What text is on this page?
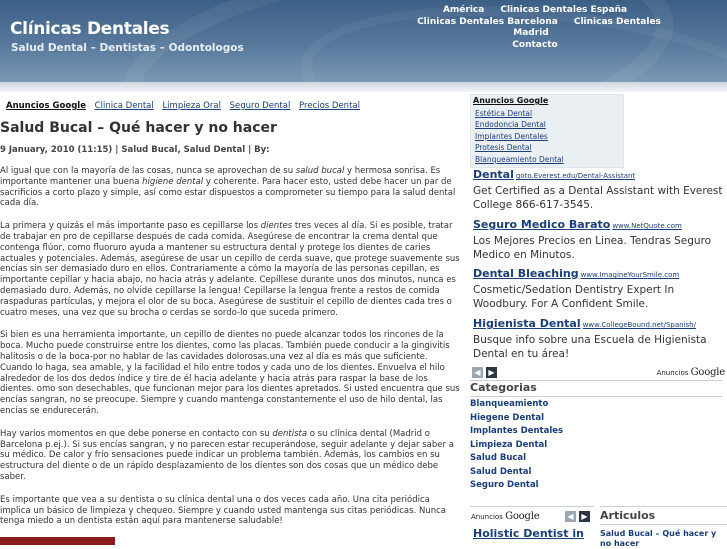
Clínicas Dentales

Salud Dental – Dentistas – Odontologos

América Clinicas Dentales España
Clinicas Dentales Barcelona Clinicas Dentales Madrid
Contacto
Anuncios Google Clinica Dental Limpieza Oral Seguro Dental Precios Dental
Salud Bucal – Qué hacer y no hacer
9 January, 2010 (11:15) | Salud Bucal, Salud Dental | By:

Al igual que con la mayoría de las cosas, nunca se aprovechan de su salud bucal y hermosa sonrisa. Es importante mantener una buena higiene dental y coherente. Para hacer esto, usted debe hacer un par de sacrificios a corto plazo y simple, así como estar dispuestos a comprometer su tiempo para la salud dental cada día.

La primera y quizás el más importante paso es cepillarse los dientes tres veces al día. Si es posible, tratar de trabajar en pro de cepillarse después de cada comida. Asegúrese de encontrar la crema dental que contenga flúor, como fluoruro ayuda a mantener su estructura dental y protege los dientes de caries actuales y potenciales. Además, asegúrese de usar un cepillo de cerda suave, que protege suavemente sus encías sin ser demasiado duro en ellos. Contrariamente a cómo la mayoría de las personas cepillan, es importante cepillar y hacia abajo, no hacia atrás y adelante. Cepíllese durante unos dos minutos, nunca es demasiado duro. Además, no olvide cepillarse la lengua! Cepillarse la lengua frente a restos de comida raspaduras partículas, y mejora el olor de su boca. Asegúrese de sustituir el cepillo de dientes cada tres o cuatro meses, una vez que su brocha o cerdas se sordo-lo que suceda primero.

Si bien es una herramienta importante, un cepillo de dientes no puede alcanzar todos los rincones de la boca. Mucho puede construirse entre los dientes, como las placas. También puede conducir a la gingivitis halitosis o de la boca-por no hablar de las cavidades dolorosas.una vez al día es más que suficiente. Cuando lo haga, sea amable, y la facilidad el hilo entre todos y cada uno de los dientes. Envuelva el hilo alrededor de los dos dedos índice y tire de él hacia adelante y hacia atrás para raspar la base de los dientes. omo son desechables, que funcionan mejor para los dientes apretados. Si usted encuentra que sus encías sangran, no se preocupe. Siempre y cuando mantenga constantemente el uso de hilo dental, las encías se endurecerán.

Hay varios momentos en que debe ponerse en contacto con su dentista o su clínica dental (Madrid o Barcelona p.ej.). Si sus encías sangran, y no parecen estar recuperándose, seguir adelante y dejar saber a su médico. De calor y frío sensaciones puede indicar un problema también. Además, los cambios en su estructura del diente o de un rápido desplazamiento de los dientes son dos cosas que un médico debe saber.

Es importante que vea a su dentista o su clínica dental una o dos veces cada año. Una cita periódica implica un básico de limpieza y chequeo. Siempre y cuando usted mantenga sus citas periódicas. Nunca tenga miedo a un dentista están aquí para mantenerse saludable!

Anuncios Google
Estética Dental
Endodoncia Dental
Implantes Dentales
Protesis Dental
Blanqueamiento Dental
Dental goto.Everest.edu/Dental-Assistant
Get Certified as a Dental Assistant with Everest College 866-617-3545.
Seguro Medico Barato www.NetQuote.com
Los Mejores Precios en Linea. Tendras Seguro Medico en Minutos.
Dental Bleaching www.ImagineYourSmile.com
Cosmetic/Sedation Dentistry Expert In Woodbury. For A Confident Smile.
Higienista Dental www.CollegeBound.net/Spanish/
Busque info sobre una Escuela de Higienista Dental en tu área!
◀ ▶	Anuncios Google
Categorias
Blanqueamiento
Hiegene Dental
Implantes Dentales
Limpieza Dental
Salud Bucal
Salud Dental
Seguro Dental
Anuncios Google	◀ ▶
Holistic Dentist in
Articulos
Salud Bucal – Qué hacer y no hacer
